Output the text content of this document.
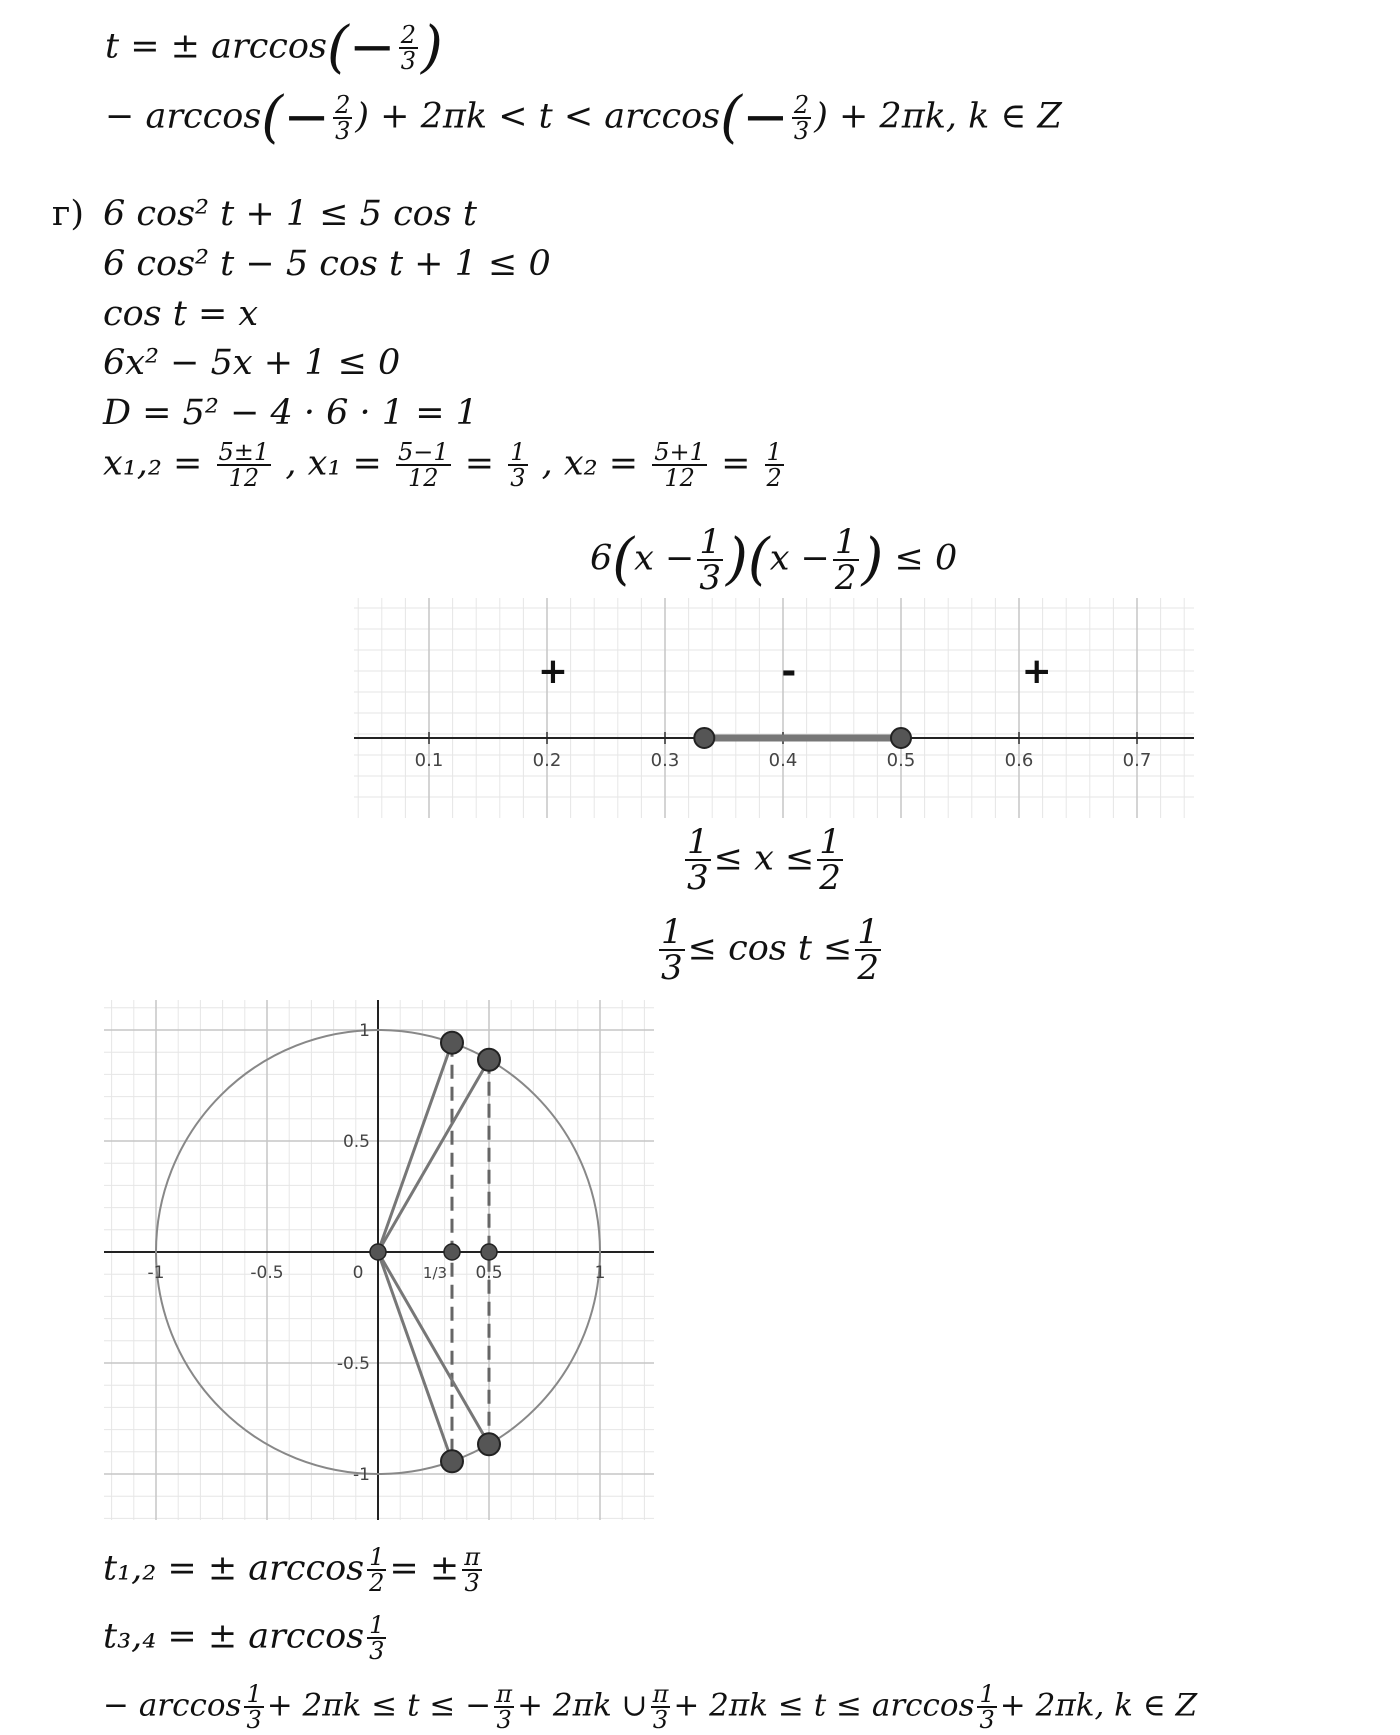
t = ± $\arccos(- \frac{2}{3}$ )
− $\arccos(- \frac{2}{3}$ ) + $2\pi k < t < \arccos(- \frac{2}{3}$ ) + 2πk, k ∈ Z
г) 6 cos² t + 1 ≤ 5 cos t
6 cos² t − 5 cos t + 1 ≤ 0
cos t = x
6x² − 5x + 1 ≤ 0
D = 5² − 4 · 6 · 1 = 1
$x_1,_2 = \frac{5\pm 1}{12}$ , $x_1 = \frac{5-1}{12} = \frac{1}{3}$ , $x_2 = \frac{5+1}{12} = \frac{1}{2}$
$6(x - \frac{1}{3} )(x - \frac{1}{2}$ ) ≤ 0
0.1	0.2	0.3	0.4	0.5	0.6	0.7
+	-	+
$\frac{1}{3} \le x \le \frac{1}{2}$
$\frac{1}{3} \le \cos t \le \frac{1}{2}$
-1	-0.5	0	0.5	1
1
0.5
-0.5
-1
1/3
t₁,₂ = ± $\arccos \frac{1}{2}$ = ± $\frac{\pi}{3}$
t₃,₄ = ± $\arccos \frac{1}{3}$
− $\arccos \frac{1}{3} + 2\pi k \le t$ ≤ − $\frac{\pi}{3} + 2\pi k$ ∪ $\frac{\pi}{3} + 2\pi k \le t \le \arccos \frac{1}{3} + 2\pi k$, k ∈ Z
